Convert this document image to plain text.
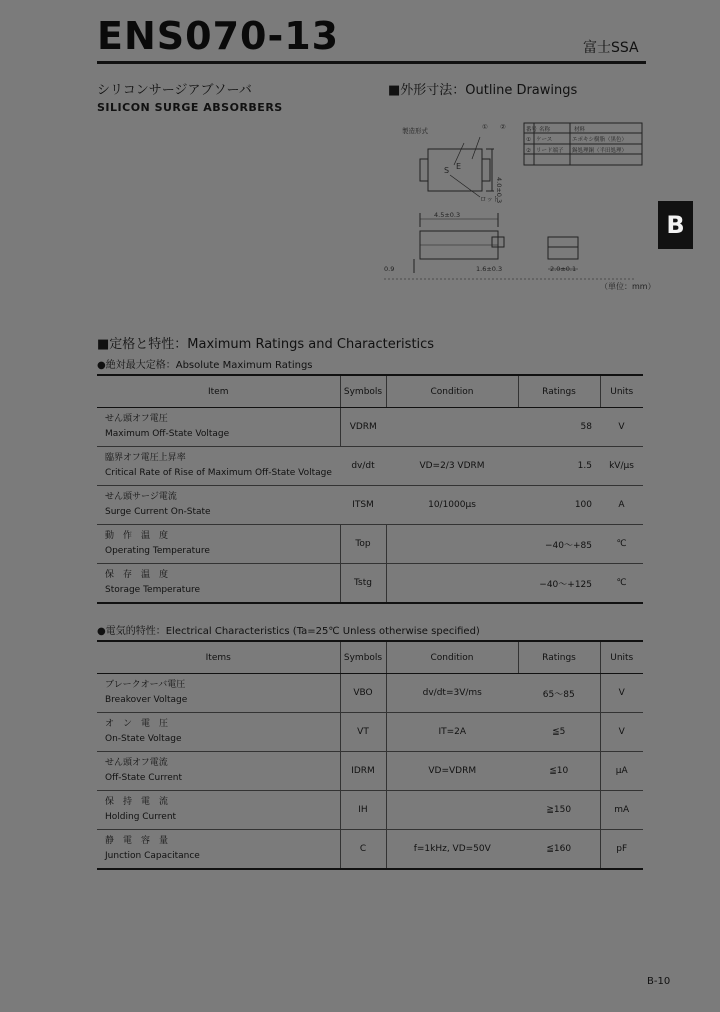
ENS070-13	富士SSA
シリコンサージアブソーバ
SILICON SURGE ABSORBERS
■外形寸法：Outline Drawings
B
製造形式	① ②
S E
ロット
4.5±0.3
0.9	1.6±0.3	2.0±0.1
4.0±0.3
番号 名称	材料
① ケース	エポキシ樹脂（黒色）
② リード端子 錫処理銅（半田処理）
（単位：mm）
■定格と特性：Maximum Ratings and Characteristics
●絶対最大定格：Absolute Maximum Ratings
Item	Symbols	Condition	Ratings	Units

せん頭オフ電圧
Maximum Off-State Voltage	VDRM		58	V

臨界オフ電圧上昇率
Critical Rate of Rise of Maximum Off-State Voltage	dv/dt	VD=2/3 VDRM	1.5	kV/μs

せん頭サージ電流
Surge Current On-State	ITSM	10/1000μs	100	A

動　作　温　度
Operating Temperature	Top		−40～+85	℃

保　存　温　度
Storage Temperature	Tstg		−40～+125	℃
●電気的特性：Electrical Characteristics (Ta=25℃ Unless otherwise specified)
Items	Symbols	Condition	Ratings	Units

ブレークオーバ電圧
Breakover Voltage	VBO	dv/dt=3V/ms	65～85	V

オ　ン　電　圧
On-State Voltage	VT	IT=2A	≦5	V

せん頭オフ電流
Off-State Current	IDRM	VD=VDRM	≦10	μA

保　持　電　流
Holding Current	IH		≧150	mA

静　電　容　量
Junction Capacitance	C	f=1kHz, VD=50V	≦160	pF
B-10
